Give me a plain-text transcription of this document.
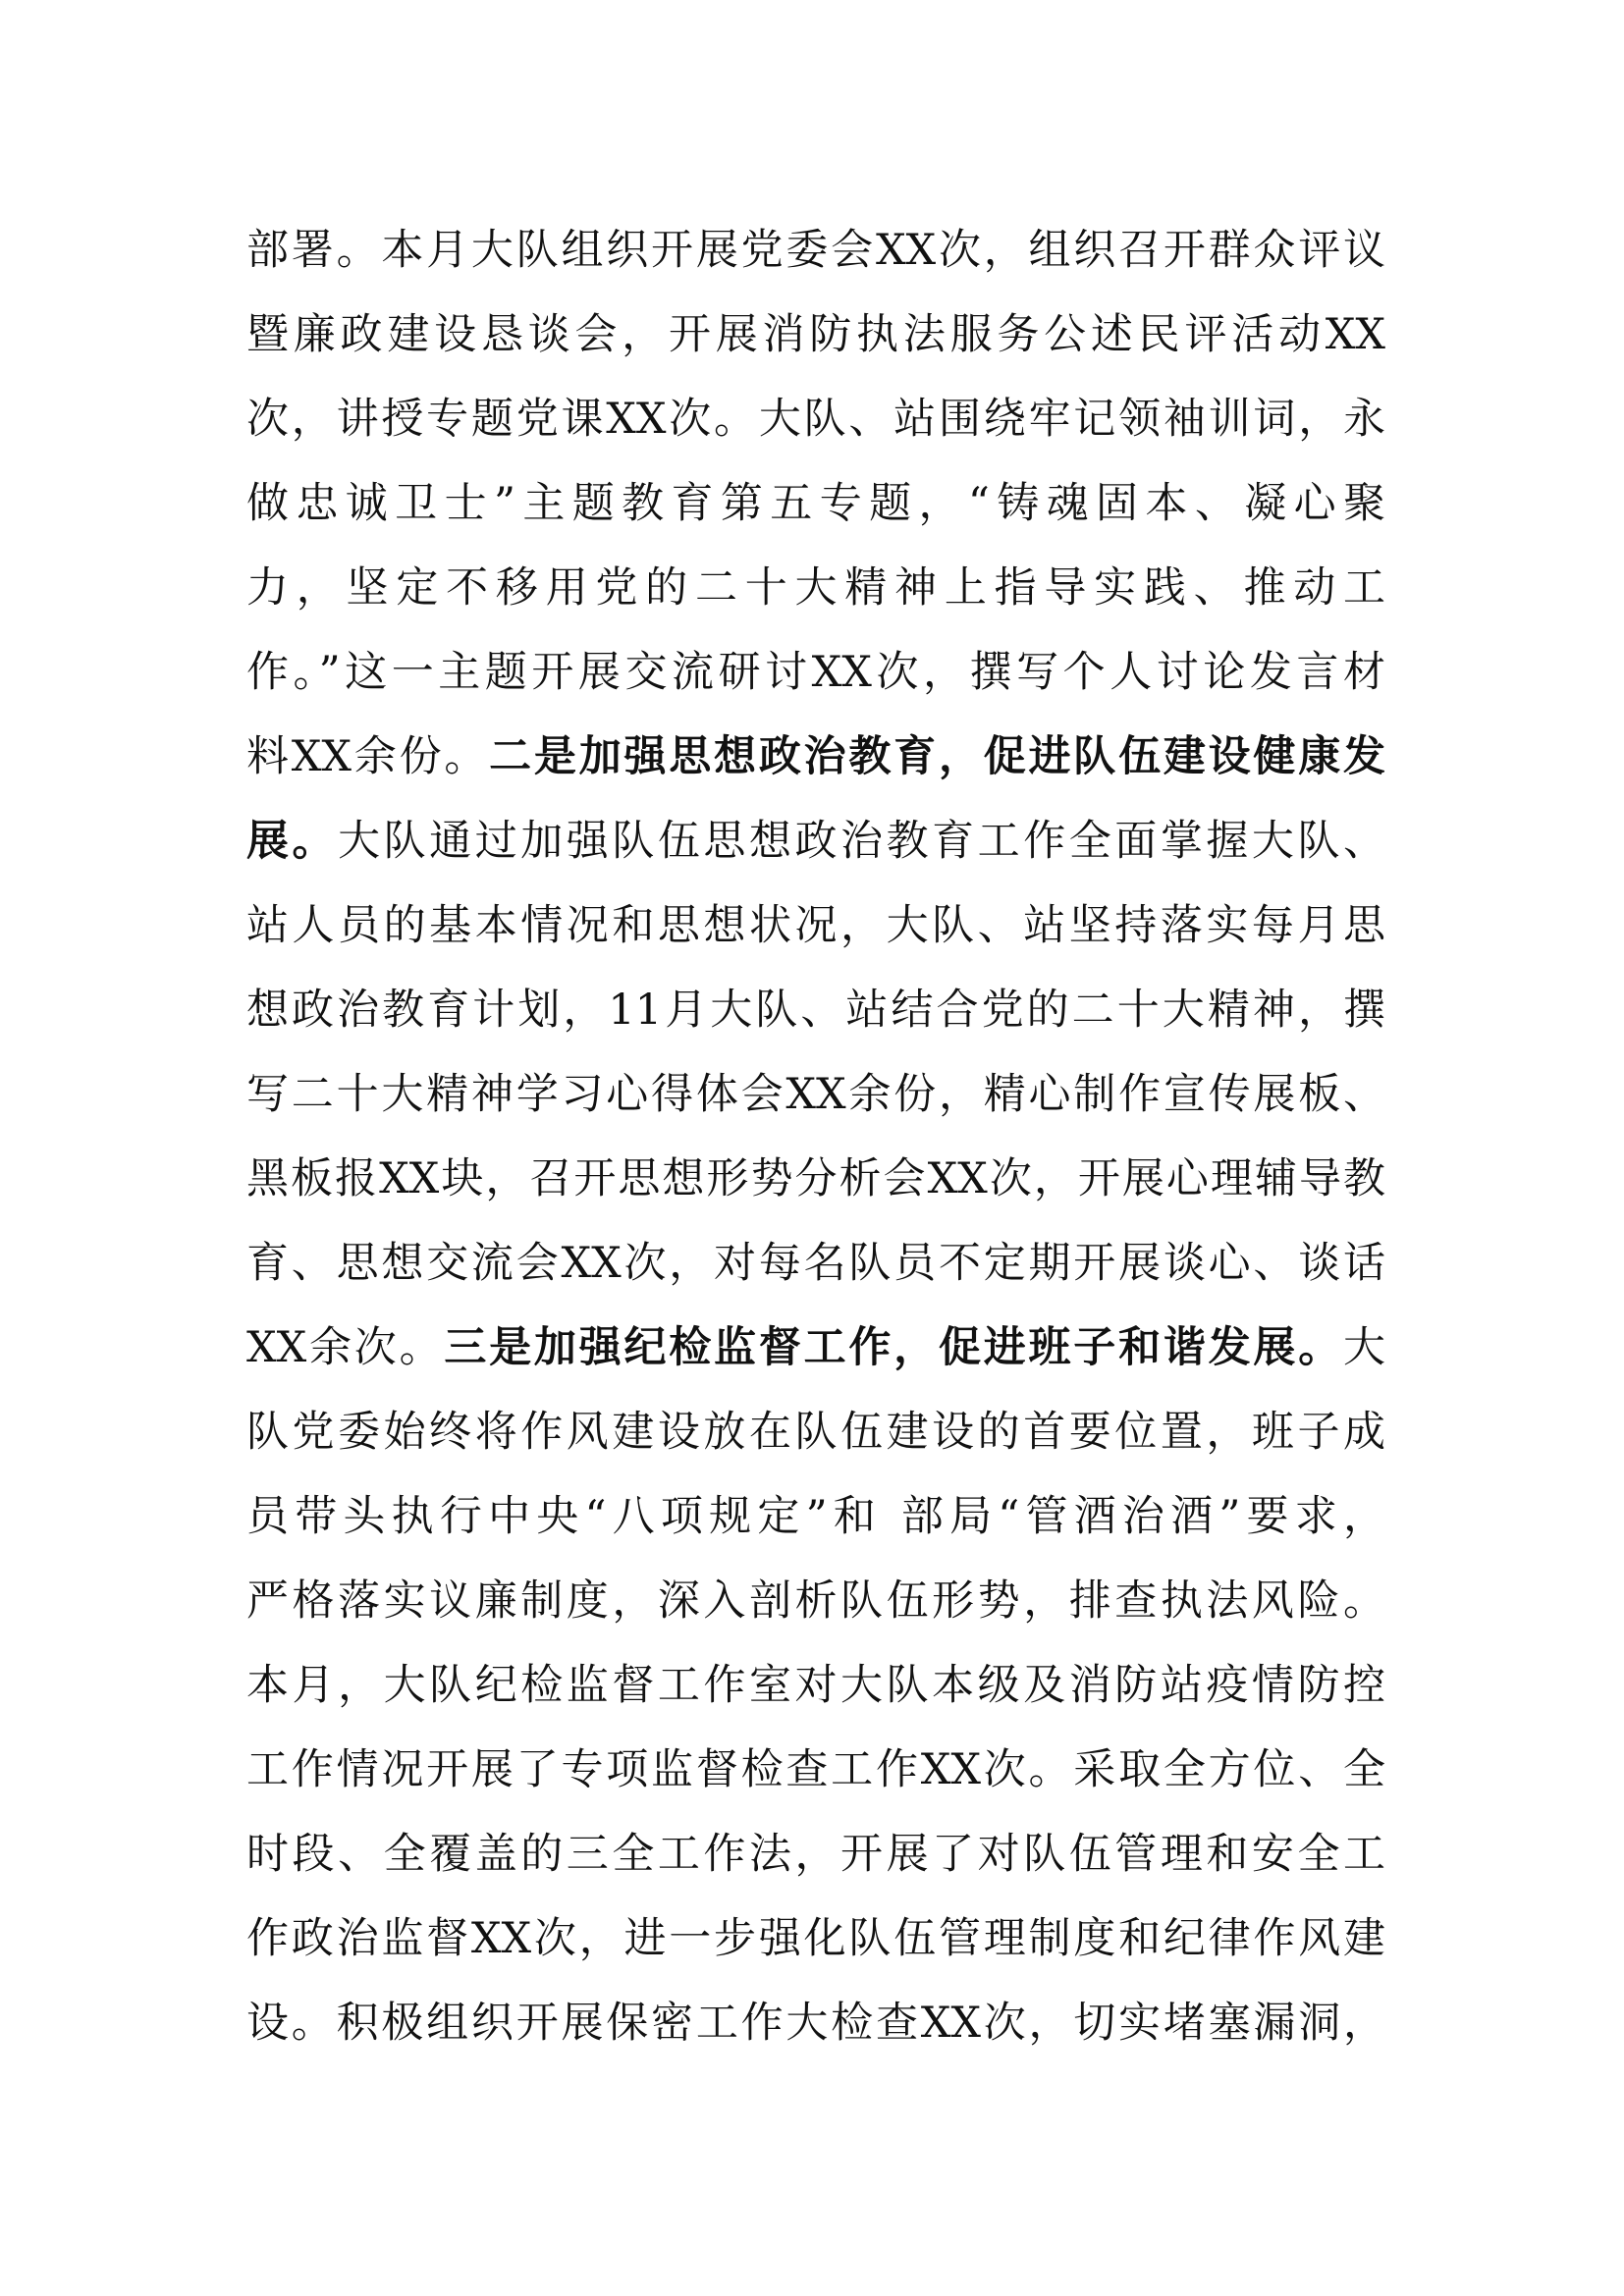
部署。本月大队组织开展党委会XX次，组织召开群众评议
暨廉政建设恳谈会，开展消防执法服务公述民评活动XX
次，讲授专题党课XX次。大队、站围绕牢记领袖训词，永
做忠诚卫士”主题教育第五专题，“铸魂固本、凝心聚
力，坚定不移用党的二十大精神上指导实践、推动工
作。”这一主题开展交流研讨XX次，撰写个人讨论发言材
料XX余份。二是加强思想政治教育，促进队伍建设健康发
展。大队通过加强队伍思想政治教育工作全面掌握大队、
站人员的基本情况和思想状况，大队、站坚持落实每月思
想政治教育计划，11月大队、站结合党的二十大精神，撰
写二十大精神学习心得体会XX余份，精心制作宣传展板、
黑板报XX块，召开思想形势分析会XX次，开展心理辅导教
育、思想交流会XX次，对每名队员不定期开展谈心、谈话
XX余次。三是加强纪检监督工作，促进班子和谐发展。大
队党委始终将作风建设放在队伍建设的首要位置，班子成
员带头执行中央“八项规定”和 部局“管酒治酒”要求，
严格落实议廉制度，深入剖析队伍形势，排查执法风险。
本月，大队纪检监督工作室对大队本级及消防站疫情防控
工作情况开展了专项监督检查工作XX次。采取全方位、全
时段、全覆盖的三全工作法，开展了对队伍管理和安全工
作政治监督XX次，进一步强化队伍管理制度和纪律作风建
设。积极组织开展保密工作大检查XX次，切实堵塞漏洞，
